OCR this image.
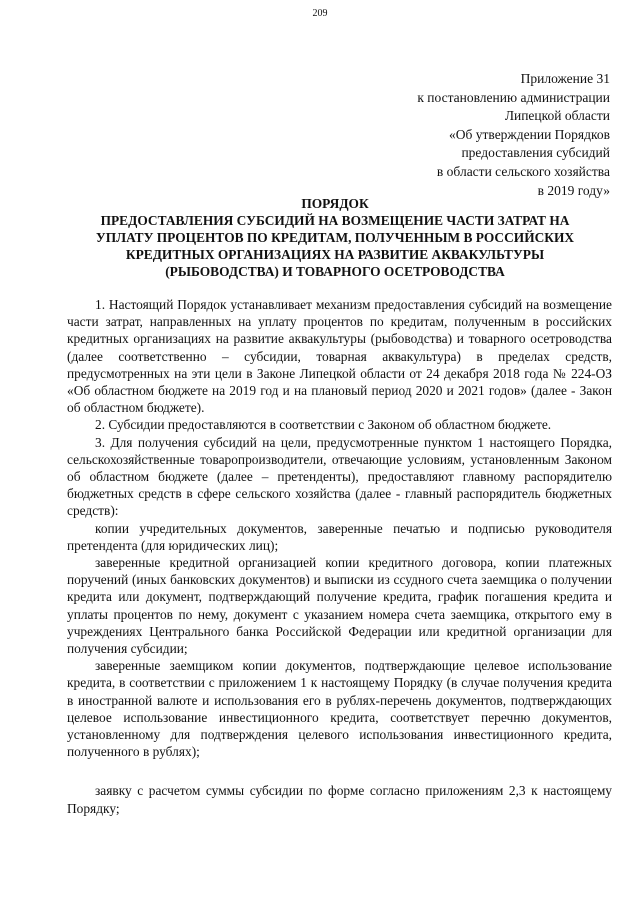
209
Приложение 31
к постановлению администрации
Липецкой области
«Об утверждении Порядков
предоставления субсидий
в области сельского хозяйства
в 2019 году»
ПОРЯДОК
ПРЕДОСТАВЛЕНИЯ СУБСИДИЙ НА ВОЗМЕЩЕНИЕ ЧАСТИ ЗАТРАТ НА
УПЛАТУ ПРОЦЕНТОВ ПО КРЕДИТАМ, ПОЛУЧЕННЫМ В РОССИЙСКИХ
КРЕДИТНЫХ ОРГАНИЗАЦИЯХ НА РАЗВИТИЕ АКВАКУЛЬТУРЫ
(РЫБОВОДСТВА) И ТОВАРНОГО ОСЕТРОВОДСТВА

1. Настоящий Порядок устанавливает механизм предоставления субсидий на возмещение части затрат, направленных на уплату процентов по кредитам, полученным в российских кредитных организациях на развитие аквакультуры (рыбоводства) и товарного осетроводства (далее соответственно – субсидии, товарная аквакультура) в пределах средств, предусмотренных на эти цели в Законе Липецкой области от 24 декабря 2018 года № 224-ОЗ «Об областном бюджете на 2019 год и на плановый период 2020 и 2021 годов» (далее - Закон об областном бюджете).

2. Субсидии предоставляются в соответствии с Законом об областном бюджете.

3. Для получения субсидий на цели, предусмотренные пунктом 1 настоящего Порядка, сельскохозяйственные товаропроизводители, отвечающие условиям, установленным Законом об областном бюджете (далее – претенденты), предоставляют главному распорядителю бюджетных средств в сфере сельского хозяйства (далее - главный распорядитель бюджетных средств):

копии учредительных документов, заверенные печатью и подписью руководителя претендента (для юридических лиц);

заверенные кредитной организацией копии кредитного договора, копии платежных поручений (иных банковских документов) и выписки из ссудного счета заемщика о получении кредита или документ, подтверждающий получение кредита, график погашения кредита и уплаты процентов по нему, документ с указанием номера счета заемщика, открытого ему в учреждениях Центрального банка Российской Федерации или кредитной организации для получения субсидии;

заверенные заемщиком копии документов, подтверждающие целевое использование кредита, в соответствии с приложением 1 к настоящему Порядку (в случае получения кредита в иностранной валюте и использования его в рублях-перечень документов, подтверждающих целевое использование инвестиционного кредита, соответствует перечню документов, установленному для подтверждения целевого использования инвестиционного кредита, полученного в рублях);

заявку с расчетом суммы субсидии по форме согласно приложениям 2,3 к настоящему Порядку;
